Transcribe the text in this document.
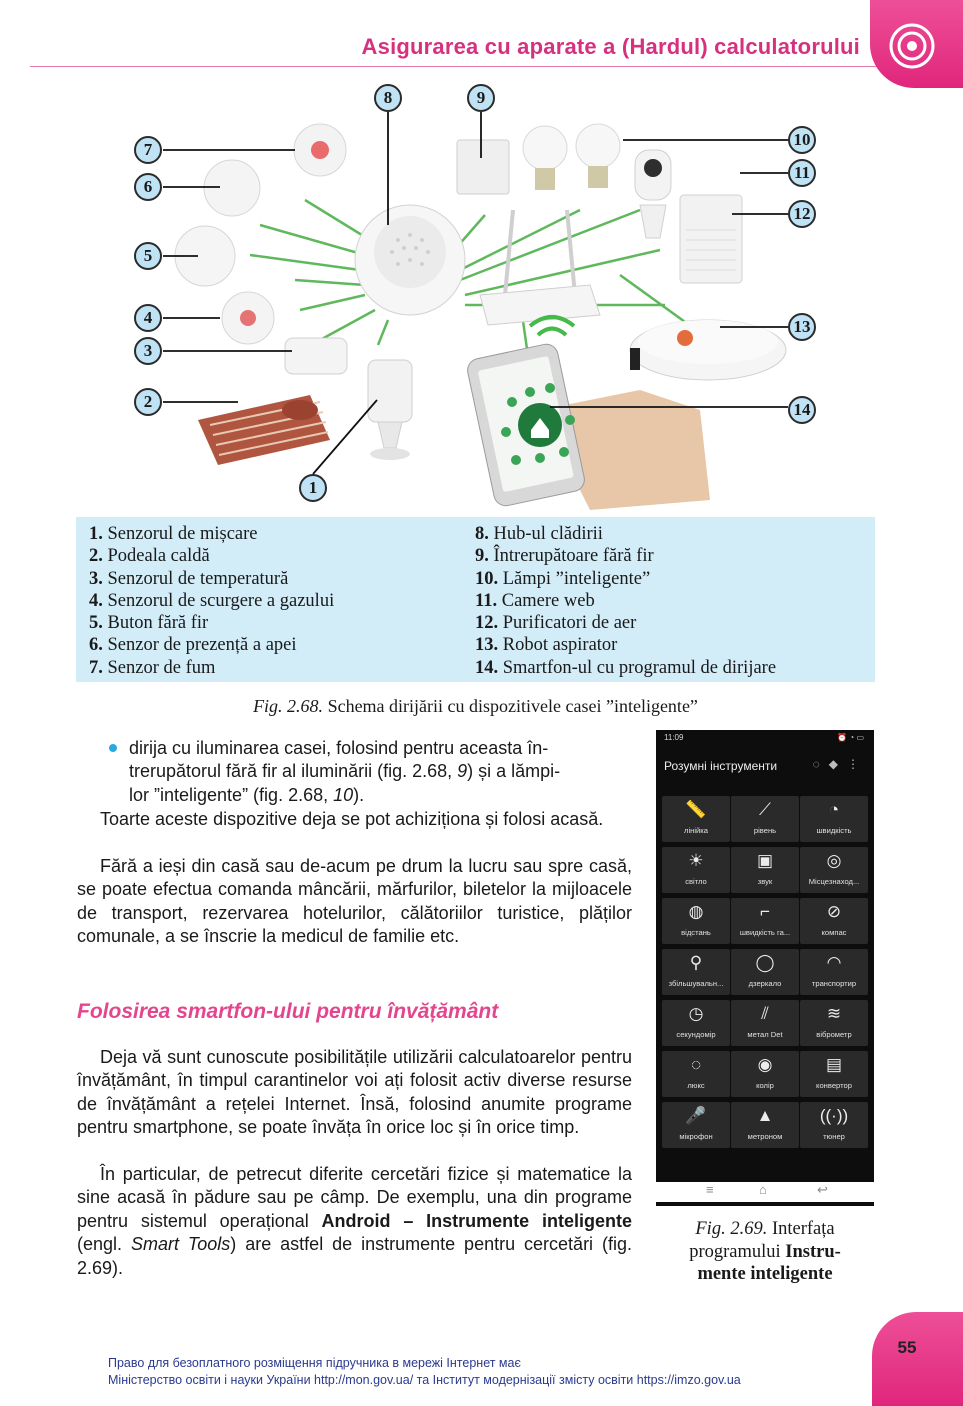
Asigurarea cu aparate a (Hardul) calculatorului
7
6
5
4
3
2
1
8	9
10
11
12
13
14
1. Senzorul de mișcare
2. Podeala caldă
3. Senzorul de temperatură
4. Senzorul de scurgere a gazului
5. Buton fără fir
6. Senzor de prezență a apei
7. Senzor de fum
8. Hub-ul clădirii
9. Întrerupătoare fără fir
10. Lămpi ”inteligente”
11. Camere web
12. Purificatori de aer
13. Robot aspirator
14. Smartfon-ul cu programul de dirijare
Fig. 2.68. Schema dirijării cu dispozitivele casei ”inteligente”
dirija cu iluminarea casei, folosind pentru aceasta în-
trerupătorul fără fir al iluminării (fig. 2.68, 9) și a lămpi-
lor ”inteligente” (fig. 2.68, 10).
Toarte aceste dispozitive deja se pot achiziționa și folosi acasă.
Fără a ieși din casă sau de-acum pe drum la lucru sau spre casă, se poate efectua comanda mâncării, mărfurilor, biletelor la mijloacele de transport, rezervarea hotelurilor, călătoriilor turistice, plăților comunale, a se înscrie la medicul de familie etc.
Folosirea smartfon-ului pentru învățământ
Deja vă sunt cunoscute posibilitățile utilizării calculatoarelor pentru învățământ, în timpul carantinelor voi ați folosit activ diverse resurse de învățământ a rețelei Internet. Însă, folosind anumite programe pentru smartphone, se poate învăța în orice loc și în orice timp.
În particular, de petrecut diferite cercetări fizice și matematice la sine acasă în pădure sau pe câmp. De exemplu, una din programe pentru sistemul operațional Android – Instrumente inteligente (engl. Smart Tools) are astfel de instrumente pentru cercetări (fig. 2.69).
11:09	⏰ ◔ ▭
Розумні інструменти	◌◆⋮
📏
лінійка
⟋
рівень
◔
швидкість
☀
світло
▣
звук
◎
Місцезнаход...
◍
відстань
⌐
швидкість га...
⊘
компас
⚲
збільшувальн...
◯
дзеркало
◠
транспортир
◷
секундомір
⫽
метал Det
≋
віброметр
◌
люкс
◉
колір
▤
конвертор
🎤
мікрофон
▲
метроном
((·))
тюнер
≡	⌂	↩
Fig. 2.69. Interfața
programului Instru-
mente inteligente
Право для безоплатного розміщення підручника в мережі Інтернет має
Міністерство освіти і науки України http://mon.gov.ua/ та Інститут модернізації змісту освіти https://imzo.gov.ua
55
